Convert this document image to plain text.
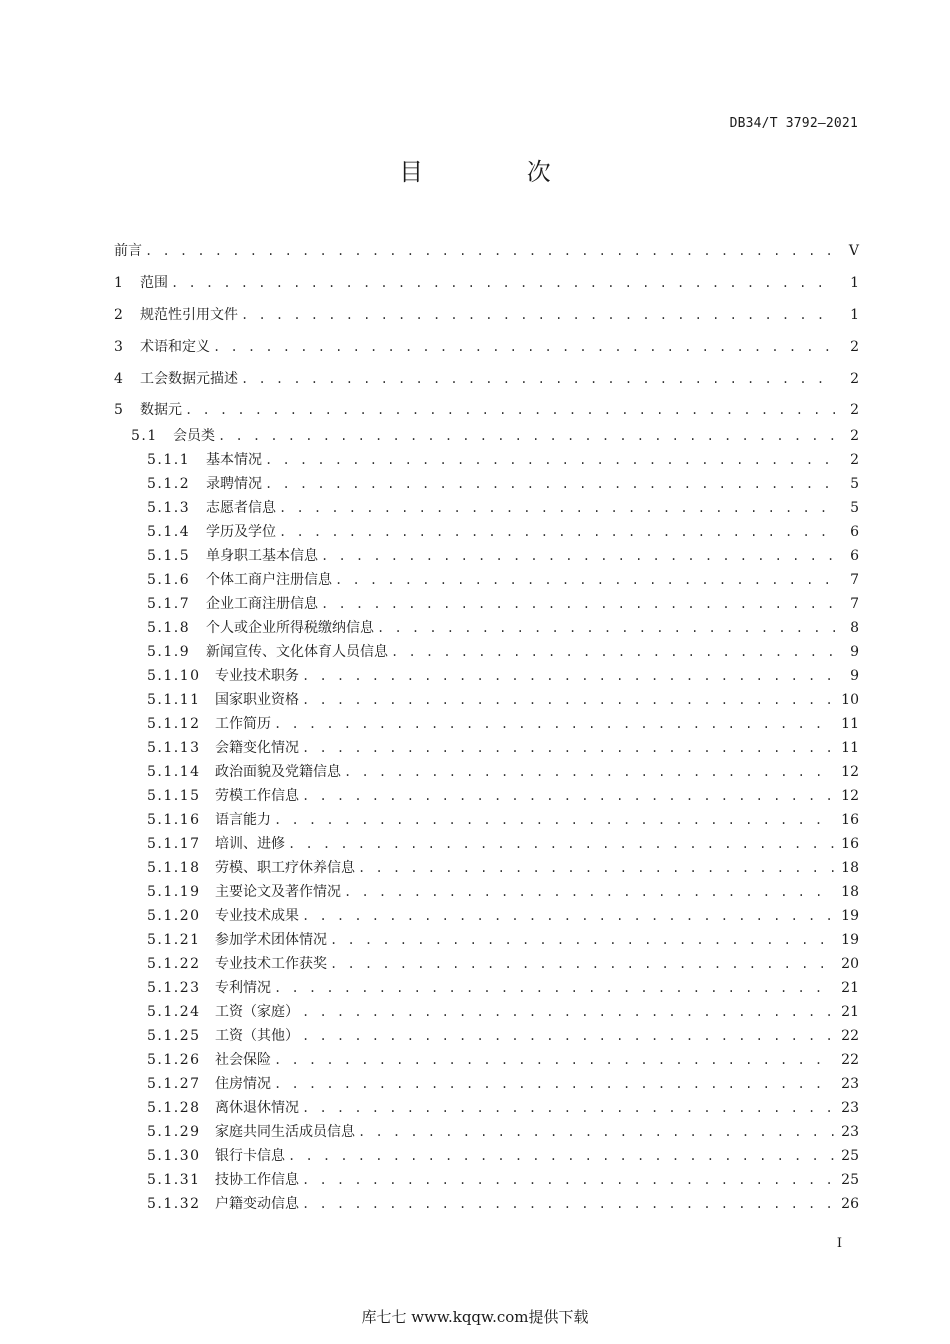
DB34/T 3792—2021
目 次
前言 . . .	V
1	范围 . . .	1
2	规范性引用文件 . . .	1
3	术语和定义 . . .	2
4	工会数据元描述 . . .	2
5	数据元 . . .	2
5.1	会员类 . . .	2
5.1.1	基本情况 . . .	2
5.1.2	录聘情况 . . .	5
5.1.3	志愿者信息 . . .	5
5.1.4	学历及学位 . . .	6
5.1.5	单身职工基本信息 . . .	6
5.1.6	个体工商户注册信息 . . .	7
5.1.7	企业工商注册信息 . . .	7
5.1.8	个人或企业所得税缴纳信息 . . .	8
5.1.9	新闻宣传、文化体育人员信息 . . .	9
5.1.10	专业技术职务 . . .	9
5.1.11	国家职业资格 . . .	10
5.1.12	工作简历 . . .	11
5.1.13	会籍变化情况 . . .	11
5.1.14	政治面貌及党籍信息 . . .	12
5.1.15	劳模工作信息 . . .	12
5.1.16	语言能力 . . .	16
5.1.17	培训、进修 . . .	16
5.1.18	劳模、职工疗休养信息 . . .	18
5.1.19	主要论文及著作情况 . . .	18
5.1.20	专业技术成果 . . .	19
5.1.21	参加学术团体情况 . . .	19
5.1.22	专业技术工作获奖 . . .	20
5.1.23	专利情况 . . .	21
5.1.24	工资（家庭） . . .	21
5.1.25	工资（其他） . . .	22
5.1.26	社会保险 . . .	22
5.1.27	住房情况 . . .	23
5.1.28	离休退休情况 . . .	23
5.1.29	家庭共同生活成员信息 . . .	23
5.1.30	银行卡信息 . . .	25
5.1.31	技协工作信息 . . .	25
5.1.32	户籍变动信息 . . .	26
I
库七七 www.kqqw.com提供下载
